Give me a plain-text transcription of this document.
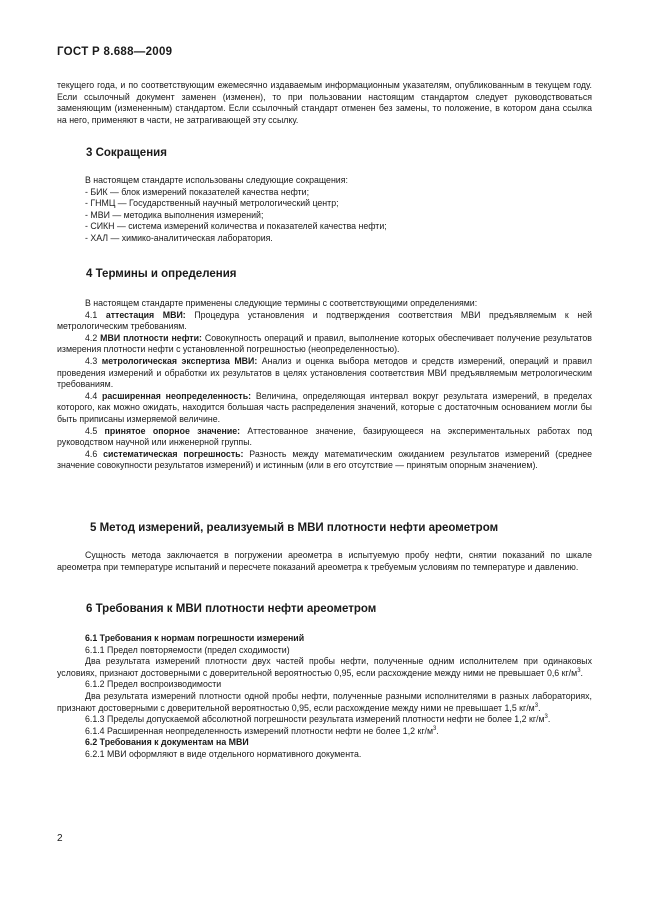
ГОСТ Р 8.688—2009

текущего года, и по соответствующим ежемесячно издаваемым информационным указателям, опубликованным в текущем году. Если ссылочный документ заменен (изменен), то при пользовании настоящим стандартом следует руководствоваться заменяющим (измененным) стандартом. Если ссылочный стандарт отменен без замены, то положение, в котором дана ссылка на него, применяют в части, не затрагивающей эту ссылку.

3 Сокращения

В настоящем стандарте использованы следующие сокращения:

- БИК — блок измерений показателей качества нефти;
- ГНМЦ — Государственный научный метрологический центр;
- МВИ — методика выполнения измерений;
- СИКН — система измерений количества и показателей качества нефти;
- ХАЛ — химико-аналитическая лаборатория.
4 Термины и определения

В настоящем стандарте применены следующие термины с соответствующими определениями:

4.1 аттестация МВИ: Процедура установления и подтверждения соответствия МВИ предъявляемым к ней метрологическим требованиям.

4.2 МВИ плотности нефти: Совокупность операций и правил, выполнение которых обеспечивает получение результатов измерения плотности нефти с установленной погрешностью (неопределенностью).

4.3 метрологическая экспертиза МВИ: Анализ и оценка выбора методов и средств измерений, операций и правил проведения измерений и обработки их результатов в целях установления соответствия МВИ предъявляемым метрологическим требованиям.

4.4 расширенная неопределенность: Величина, определяющая интервал вокруг результата измерений, в пределах которого, как можно ожидать, находится большая часть распределения значений, которые с достаточным основанием могли бы быть приписаны измеряемой величине.

4.5 принятое опорное значение: Аттестованное значение, базирующееся на экспериментальных работах под руководством научной или инженерной группы.

4.6 систематическая погрешность: Разность между математическим ожиданием результатов измерений (среднее значение совокупности результатов измерений) и истинным (или в его отсутствие — принятым опорным значением).

5 Метод измерений, реализуемый в МВИ плотности нефти ареометром

Сущность метода заключается в погружении ареометра в испытуемую пробу нефти, снятии показаний по шкале ареометра при температуре испытаний и пересчете показаний ареометра к требуемым условиям по температуре и давлению.

6 Требования к МВИ плотности нефти ареометром

6.1 Требования к нормам погрешности измерений

6.1.1 Предел повторяемости (предел сходимости)

Два результата измерений плотности двух частей пробы нефти, полученные одним исполнителем при одинаковых условиях, признают достоверными с доверительной вероятностью 0,95, если расхождение между ними не превышает 0,6 $кг/м^3$.

6.1.2 Предел воспроизводимости

Два результата измерений плотности одной пробы нефти, полученные разными исполнителями в разных лабораториях, признают достоверными с доверительной вероятностью 0,95, если расхождение между ними не превышает 1,5 $кг/м^3$.

6.1.3 Пределы допускаемой абсолютной погрешности результата измерений плотности нефти не более 1,2 $кг/м^3$.

6.1.4 Расширенная неопределенность измерений плотности нефти не более 1,2 $кг/м^3$.

6.2 Требования к документам на МВИ

6.2.1 МВИ оформляют в виде отдельного нормативного документа.

2
